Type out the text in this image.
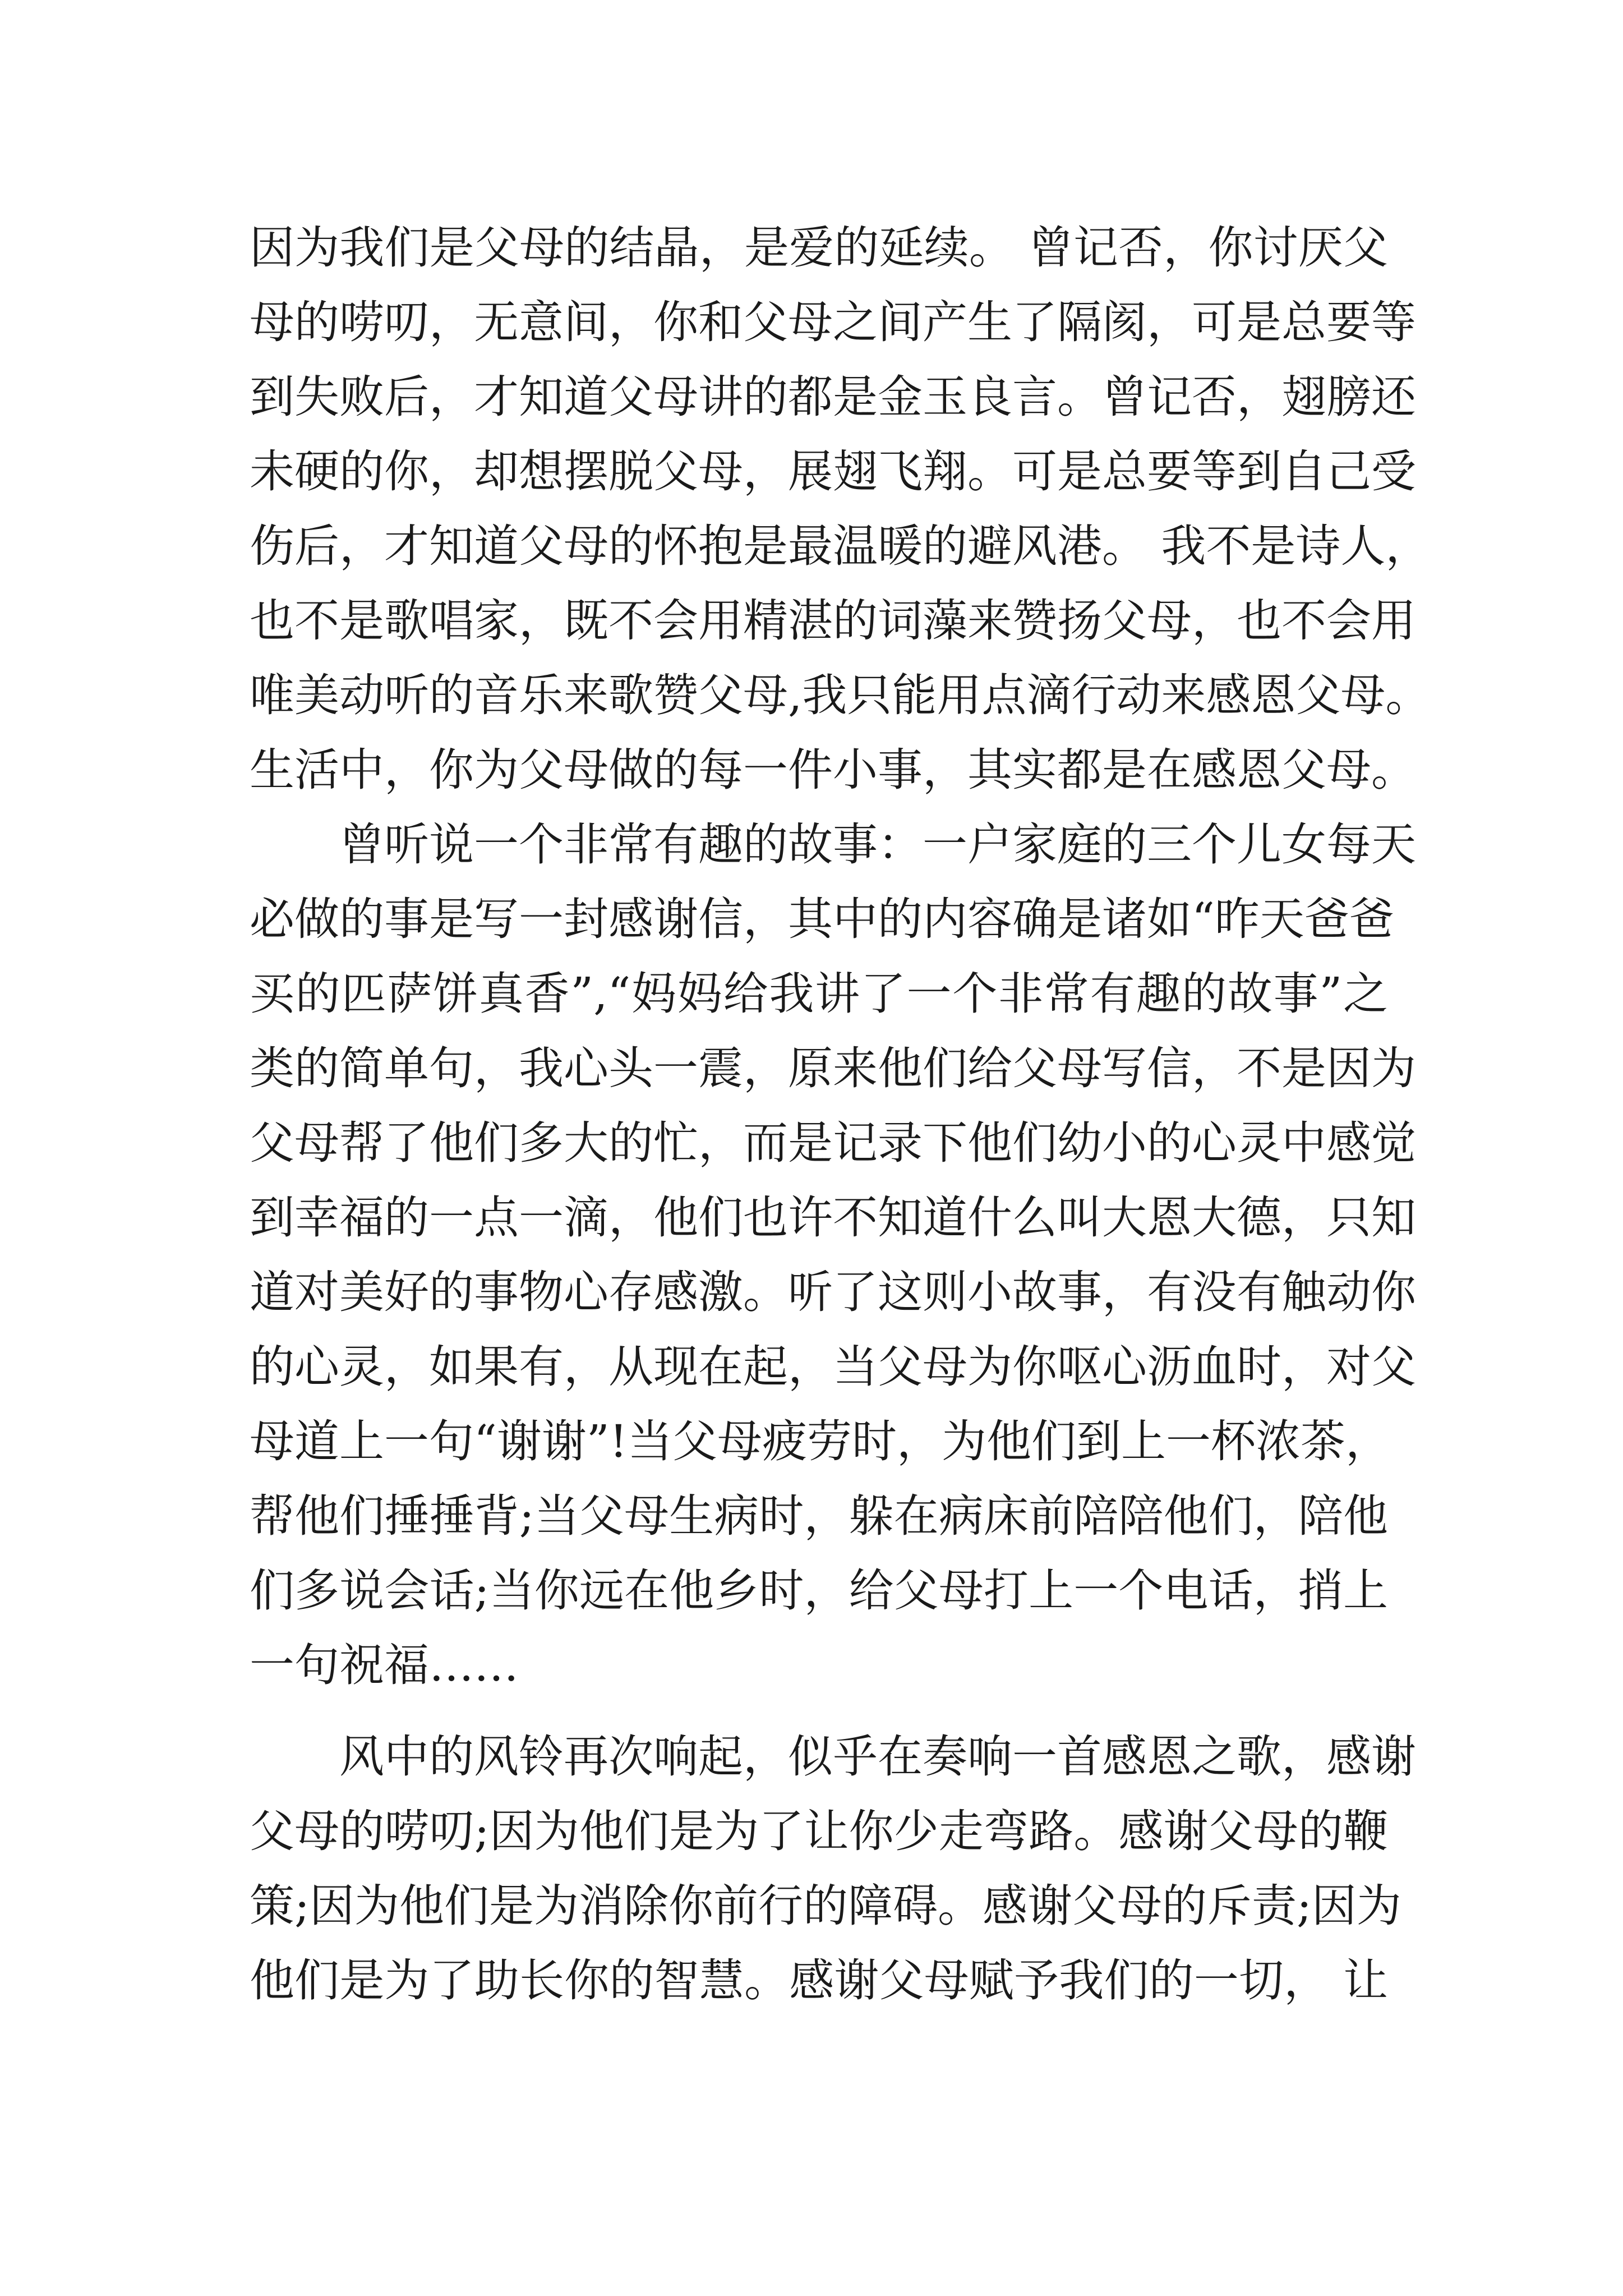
因为我们是父母的结晶，是爱的延续。 曾记否，你讨厌父
母的唠叨，无意间，你和父母之间产生了隔阂，可是总要等
到失败后，才知道父母讲的都是金玉良言。曾记否，翅膀还
未硬的你，却想摆脱父母，展翅飞翔。可是总要等到自己受
伤后，才知道父母的怀抱是最温暖的避风港。 我不是诗人，
也不是歌唱家，既不会用精湛的词藻来赞扬父母，也不会用
唯美动听的音乐来歌赞父母,我只能用点滴行动来感恩父母。
生活中，你为父母做的每一件小事，其实都是在感恩父母。
曾听说一个非常有趣的故事：一户家庭的三个儿女每天
必做的事是写一封感谢信，其中的内容确是诸如“昨天爸爸
买的匹萨饼真香”,“妈妈给我讲了一个非常有趣的故事”之
类的简单句，我心头一震，原来他们给父母写信，不是因为
父母帮了他们多大的忙，而是记录下他们幼小的心灵中感觉
到幸福的一点一滴，他们也许不知道什么叫大恩大德，只知
道对美好的事物心存感激。听了这则小故事，有没有触动你
的心灵，如果有，从现在起，当父母为你呕心沥血时，对父
母道上一句“谢谢”!当父母疲劳时，为他们到上一杯浓茶，
帮他们捶捶背;当父母生病时，躲在病床前陪陪他们，陪他
们多说会话;当你远在他乡时，给父母打上一个电话，捎上
一句祝福……
风中的风铃再次响起，似乎在奏响一首感恩之歌，感谢
父母的唠叨;因为他们是为了让你少走弯路。感谢父母的鞭
策;因为他们是为消除你前行的障碍。感谢父母的斥责;因为
他们是为了助长你的智慧。感谢父母赋予我们的一切， 让
